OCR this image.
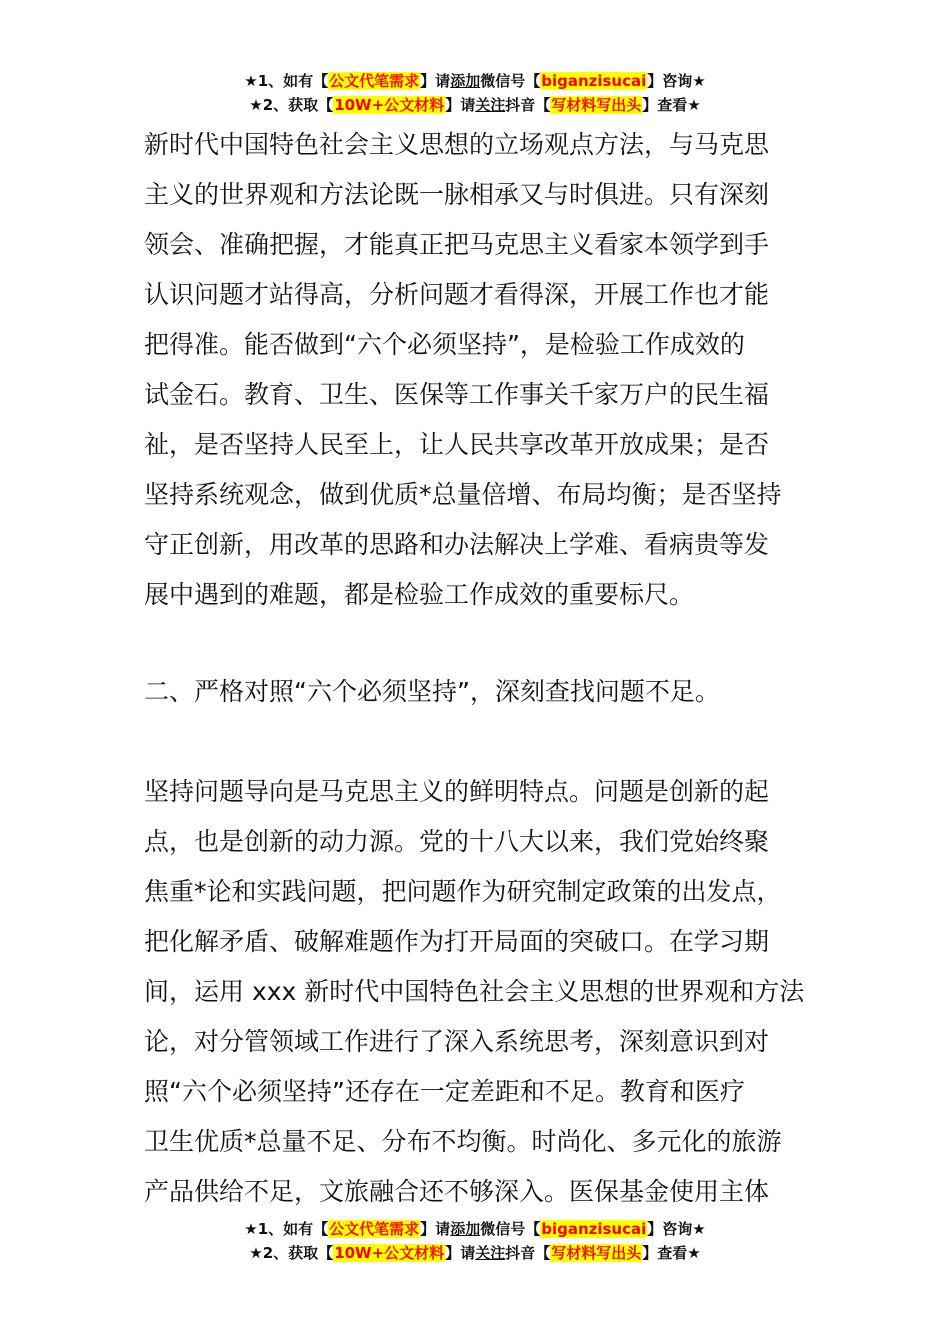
★1、如有【公文代笔需求】请添加微信号【biganzisucai】咨询★
★2、获取【10W+公文材料】请关注抖音【写材料写出头】查看★
新时代中国特色社会主义思想的立场观点方法，与马克思
主义的世界观和方法论既一脉相承又与时俱进。只有深刻
领会、准确把握，才能真正把马克思主义看家本领学到手
认识问题才站得高，分析问题才看得深，开展工作也才能
把得准。能否做到“六个必须坚持”，是检验工作成效的
试金石。教育、卫生、医保等工作事关千家万户的民生福
祉，是否坚持人民至上，让人民共享改革开放成果；是否
坚持系统观念，做到优质*总量倍增、布局均衡；是否坚持
守正创新，用改革的思路和办法解决上学难、看病贵等发
展中遇到的难题，都是检验工作成效的重要标尺。
二、严格对照“六个必须坚持”，深刻查找问题不足。
坚持问题导向是马克思主义的鲜明特点。问题是创新的起
点，也是创新的动力源。党的十八大以来，我们党始终聚
焦重*论和实践问题，把问题作为研究制定政策的出发点，
把化解矛盾、破解难题作为打开局面的突破口。在学习期
间，运用 xxx 新时代中国特色社会主义思想的世界观和方法
论，对分管领域工作进行了深入系统思考，深刻意识到对
照“六个必须坚持”还存在一定差距和不足。教育和医疗
卫生优质*总量不足、分布不均衡。时尚化、多元化的旅游
产品供给不足，文旅融合还不够深入。医保基金使用主体
★1、如有【公文代笔需求】请添加微信号【biganzisucai】咨询★
★2、获取【10W+公文材料】请关注抖音【写材料写出头】查看★
